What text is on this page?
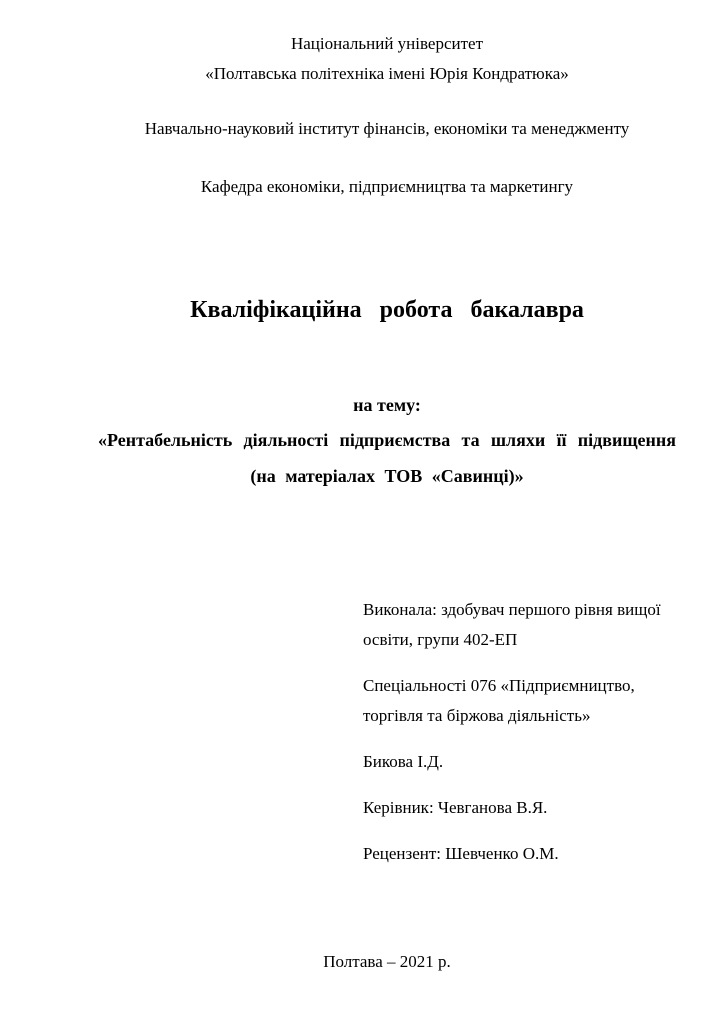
Національний університет
«Полтавська політехніка імені Юрія Кондратюка»
Навчально-науковий інститут фінансів, економіки та менеджменту
Кафедра економіки, підприємництва та маркетингу
Кваліфікаційна робота бакалавра
на тему:
«Рентабельність діяльності підприємства та шляхи її підвищення
(на матеріалах ТОВ «Савинці)»

Виконала: здобувач першого рівня вищої освіти, групи 402-ЕП

Спеціальності 076 «Підприємництво, торгівля та біржова діяльність»

Бикова І.Д.

Керівник: Чевганова В.Я.

Рецензент: Шевченко О.М.

Полтава – 2021 р.
